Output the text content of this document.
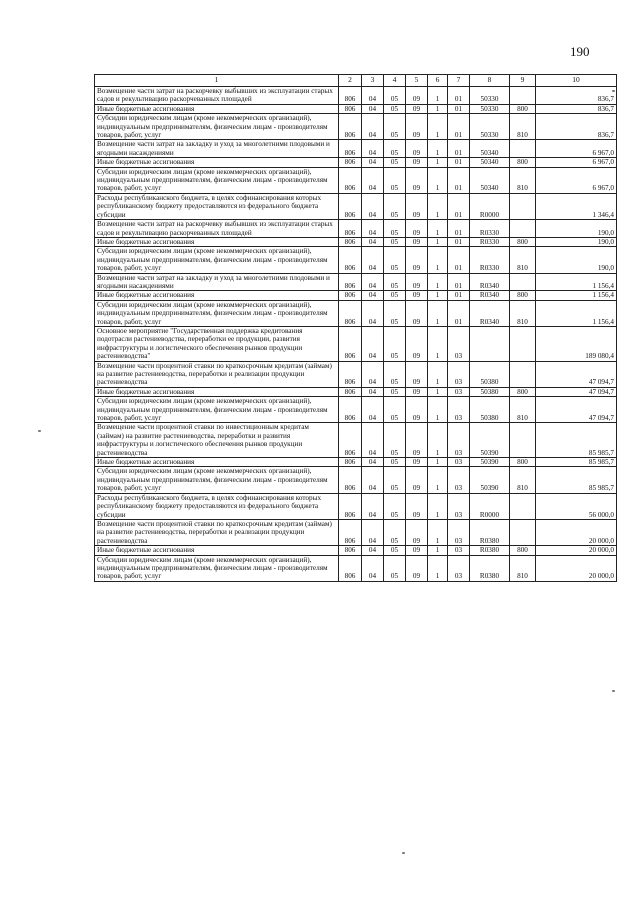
190
1	2	3	4	5	6	7	8	9	10
Возмещение части затрат на раскорчевку выбывших из эксплуатации старых садов и рекультивацию раскорчеванных площадей	806	04	05	09	1	01	50330		836,7
Иные бюджетные ассигнования	806	04	05	09	1	01	50330	800	836,7
Субсидии юридическим лицам (кроме некоммерческих организаций), индивидуальным предпринимателям, физическим лицам - производителям товаров, работ, услуг	806	04	05	09	1	01	50330	810	836,7
Возмещение части затрат на закладку и уход за многолетними плодовыми и ягодными насаждениями	806	04	05	09	1	01	50340		6 967,0
Иные бюджетные ассигнования	806	04	05	09	1	01	50340	800	6 967,0
Субсидии юридическим лицам (кроме некоммерческих организаций), индивидуальным предпринимателям, физическим лицам - производителям товаров, работ, услуг	806	04	05	09	1	01	50340	810	6 967,0
Расходы республиканского бюджета, в целях софинансирования которых республиканскому бюджету предоставляются из федерального бюджета субсидии	806	04	05	09	1	01	R0000		1 346,4
Возмещение части затрат на раскорчевку выбывших из эксплуатации старых садов и рекультивацию раскорчеванных площадей	806	04	05	09	1	01	R0330		190,0
Иные бюджетные ассигнования	806	04	05	09	1	01	R0330	800	190,0
Субсидии юридическим лицам (кроме некоммерческих организаций), индивидуальным предпринимателям, физическим лицам - производителям товаров, работ, услуг	806	04	05	09	1	01	R0330	810	190,0
Возмещение части затрат на закладку и уход за многолетними плодовыми и ягодными насаждениями	806	04	05	09	1	01	R0340		1 156,4
Иные бюджетные ассигнования	806	04	05	09	1	01	R0340	800	1 156,4
Субсидии юридическим лицам (кроме некоммерческих организаций), индивидуальным предпринимателям, физическим лицам - производителям товаров, работ, услуг	806	04	05	09	1	01	R0340	810	1 156,4
Основное мероприятие "Государственная поддержка кредитования подотрасли растениеводства, переработки ее продукции, развития инфраструктуры и логистического обеспечения рынков продукции растениеводства"	806	04	05	09	1	03			189 080,4
Возмещение части процентной ставки по краткосрочным кредитам (займам) на развитие растениеводства, переработки и реализации продукции растениеводства	806	04	05	09	1	03	50380		47 094,7
Иные бюджетные ассигнования	806	04	05	09	1	03	50380	800	47 094,7
Субсидии юридическим лицам (кроме некоммерческих организаций), индивидуальным предпринимателям, физическим лицам - производителям товаров, работ, услуг	806	04	05	09	1	03	50380	810	47 094,7
Возмещение части процентной ставки по инвестиционным кредитам (займам) на развитие растениеводства, переработки и развития инфраструктуры и логистического обеспечения рынков продукции растениеводства	806	04	05	09	1	03	50390		85 985,7
Иные бюджетные ассигнования	806	04	05	09	1	03	50390	800	85 985,7
Субсидии юридическим лицам (кроме некоммерческих организаций), индивидуальным предпринимателям, физическим лицам - производителям товаров, работ, услуг	806	04	05	09	1	03	50390	810	85 985,7
Расходы республиканского бюджета, в целях софинансирования которых республиканскому бюджету предоставляются из федерального бюджета субсидии	806	04	05	09	1	03	R0000		56 000,0
Возмещение части процентной ставки по краткосрочным кредитам (займам) на развитие растениеводства, переработки и реализации продукции растениеводства	806	04	05	09	1	03	R0380		20 000,0
Иные бюджетные ассигнования	806	04	05	09	1	03	R0380	800	20 000,0
Субсидии юридическим лицам (кроме некоммерческих организаций), индивидуальным предпринимателям, физическим лицам - производителям товаров, работ, услуг	806	04	05	09	1	03	R0380	810	20 000,0
